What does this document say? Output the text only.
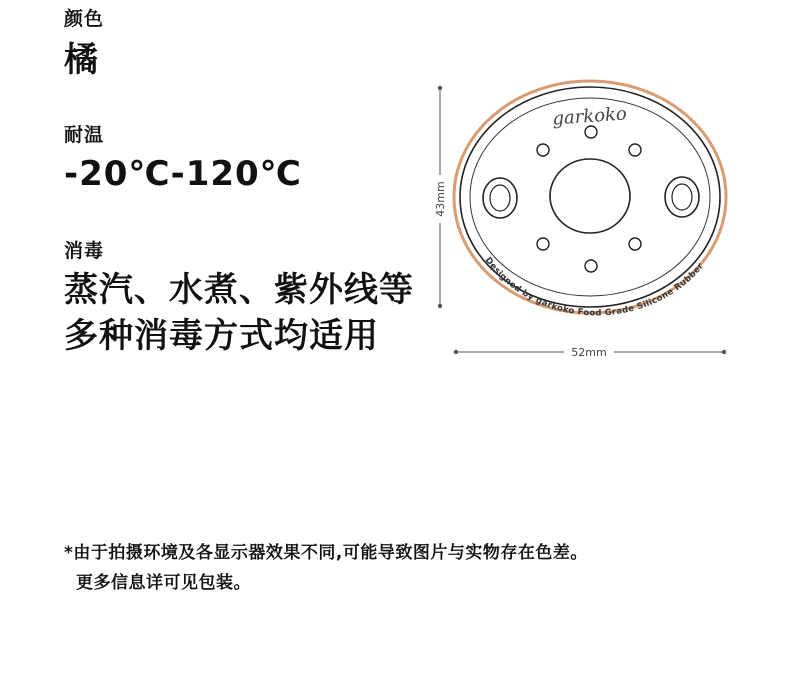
颜色
橘
耐温
-20℃-120℃
消毒
蒸汽、水煮、紫外线等
多种消毒方式均适用
43mm
52mm
garkoko
Designed by garkoko Food Grade Silicone Rubber
*由于拍摄环境及各显示器效果不同,可能导致图片与实物存在色差。
更多信息详可见包装。
